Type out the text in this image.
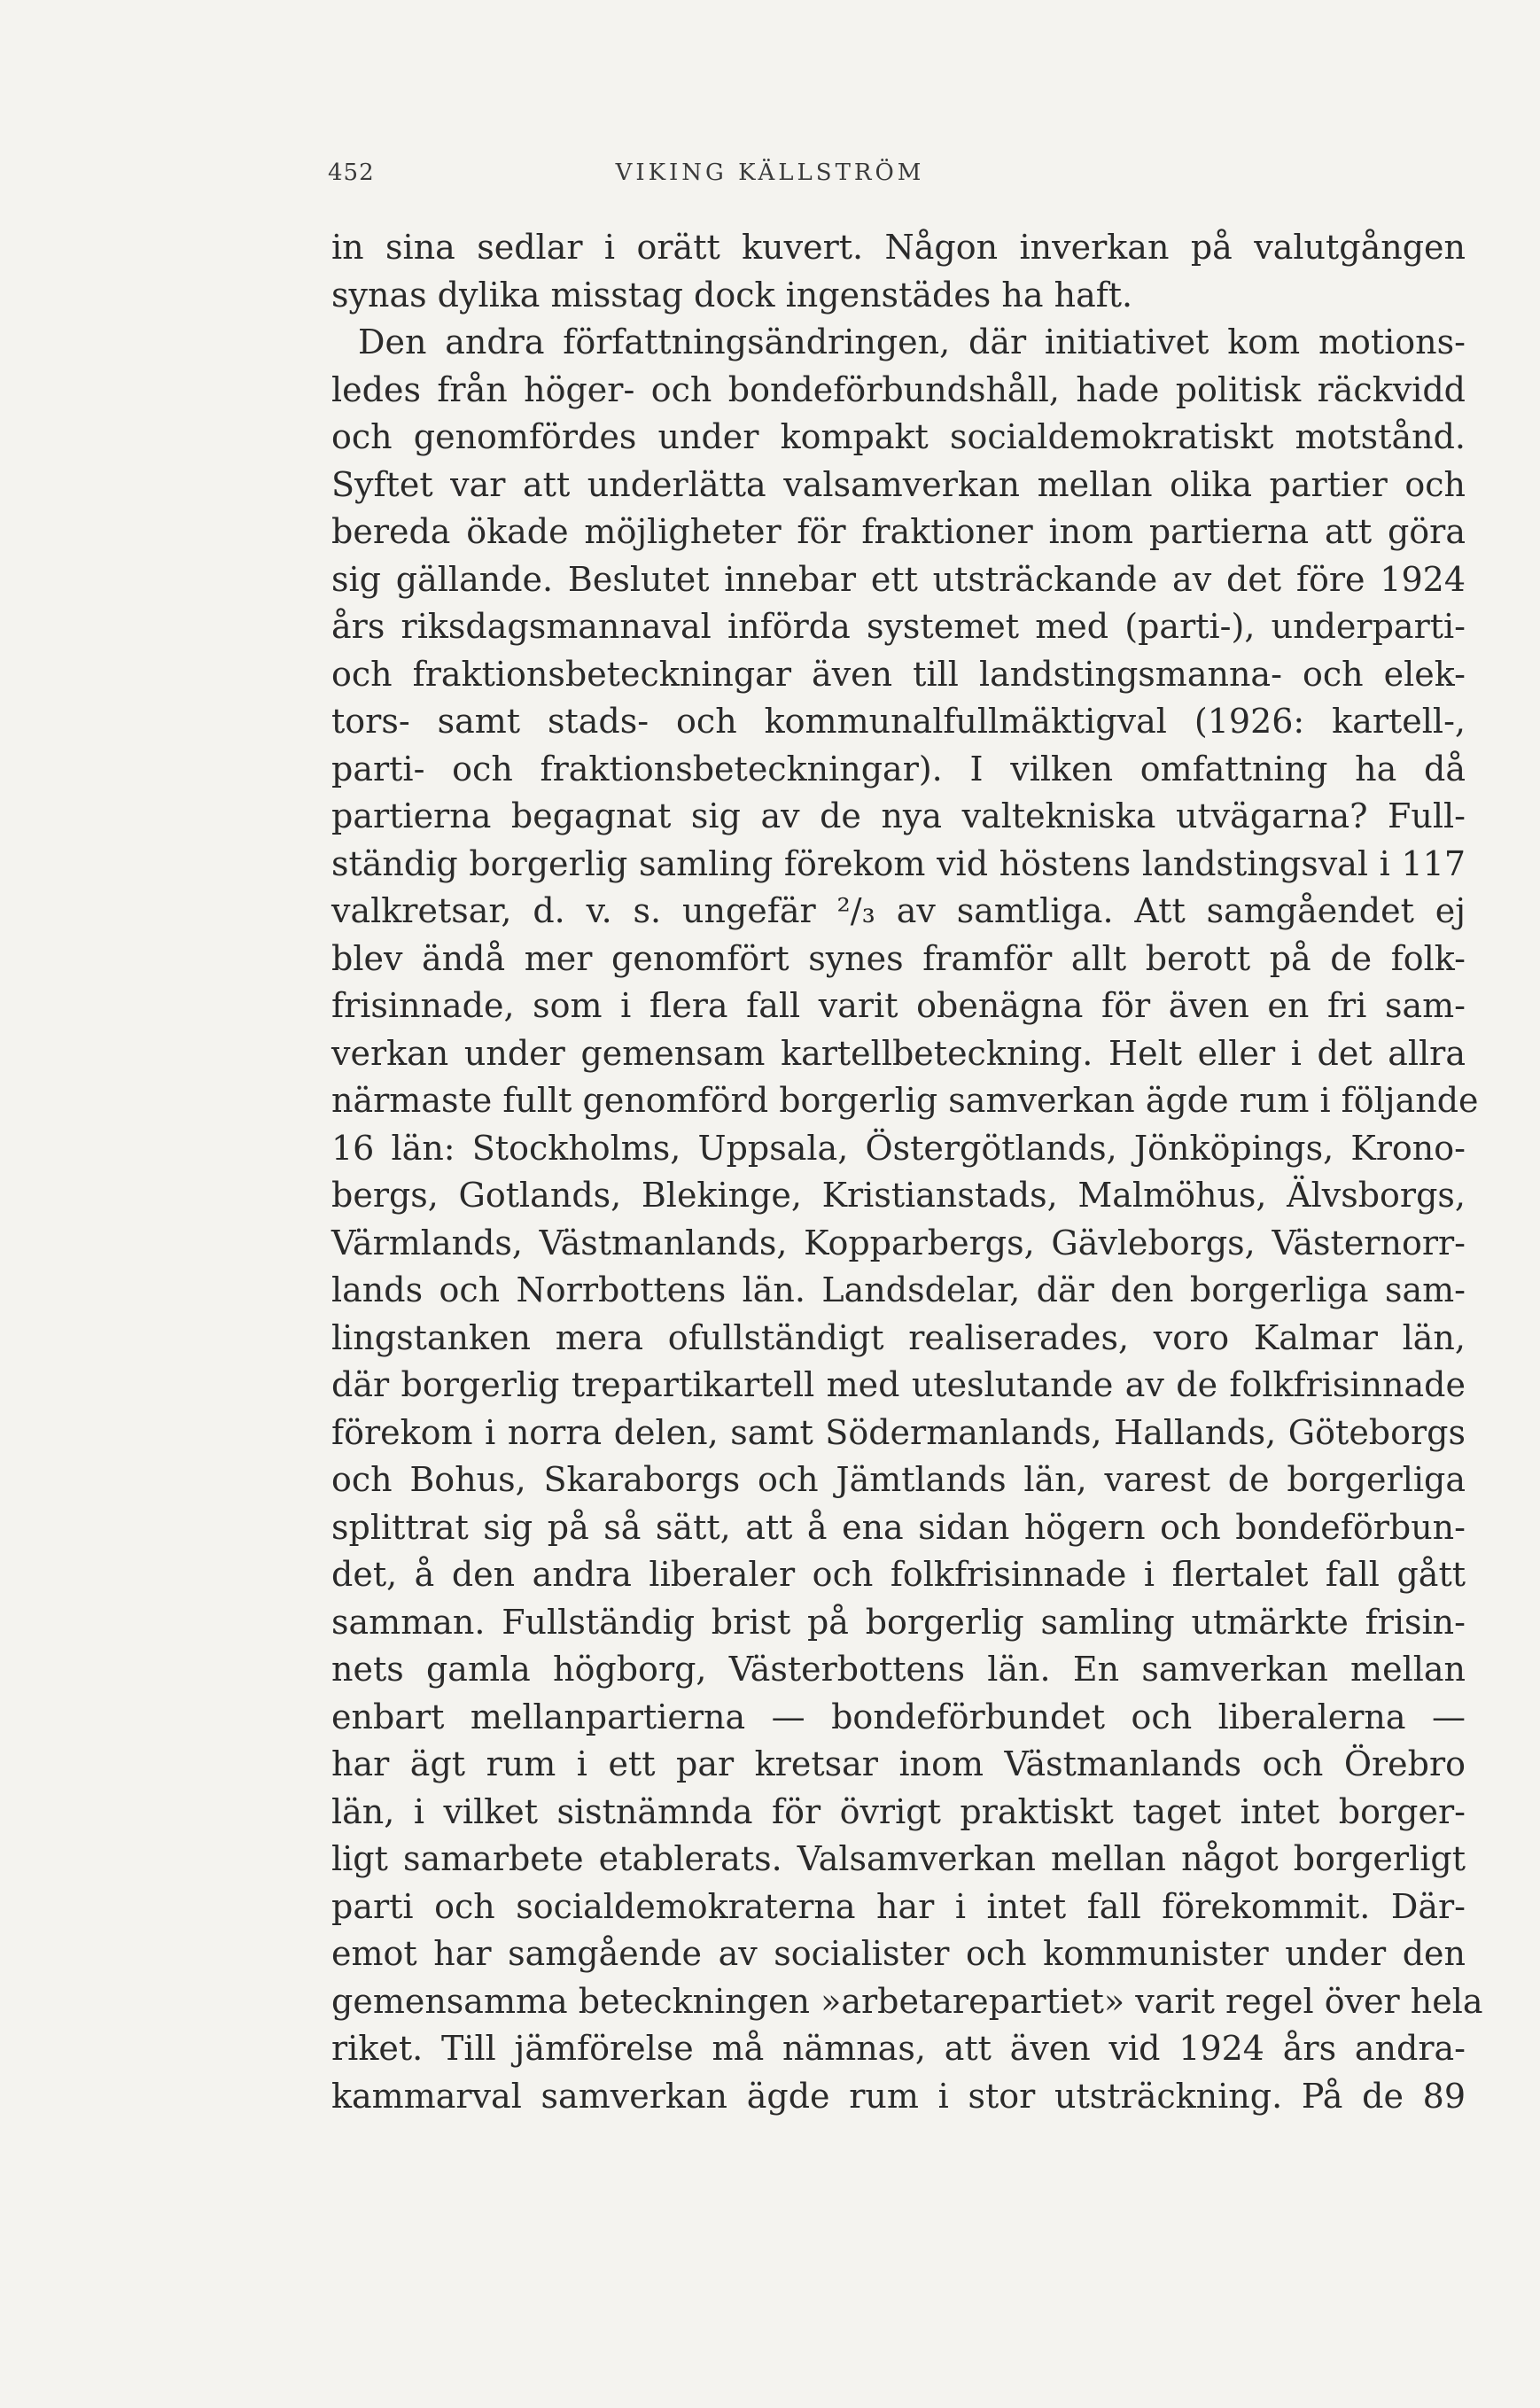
452	VIKING KÄLLSTRÖM
in sina sedlar i orätt kuvert. Någon inverkan på valutgången
synas dylika misstag dock ingenstädes ha haft.
Den andra författningsändringen, där initiativet kom motions-
ledes från höger- och bondeförbundshåll, hade politisk räckvidd
och genomfördes under kompakt socialdemokratiskt motstånd.
Syftet var att underlätta valsamverkan mellan olika partier och
bereda ökade möjligheter för fraktioner inom partierna att göra
sig gällande. Beslutet innebar ett utsträckande av det före 1924
års riksdagsmannaval införda systemet med (parti-), underparti-
och fraktionsbeteckningar även till landstingsmanna- och elek-
tors- samt stads- och kommunalfullmäktigval (1926: kartell-,
parti- och fraktionsbeteckningar). I vilken omfattning ha då
partierna begagnat sig av de nya valtekniska utvägarna? Full-
ständig borgerlig samling förekom vid höstens landstingsval i 117
valkretsar, d. v. s. ungefär ²/₃ av samtliga. Att samgåendet ej
blev ändå mer genomfört synes framför allt berott på de folk-
frisinnade, som i flera fall varit obenägna för även en fri sam-
verkan under gemensam kartellbeteckning. Helt eller i det allra
närmaste fullt genomförd borgerlig samverkan ägde rum i följande
16 län: Stockholms, Uppsala, Östergötlands, Jönköpings, Krono-
bergs, Gotlands, Blekinge, Kristianstads, Malmöhus, Älvsborgs,
Värmlands, Västmanlands, Kopparbergs, Gävleborgs, Västernorr-
lands och Norrbottens län. Landsdelar, där den borgerliga sam-
lingstanken mera ofullständigt realiserades, voro Kalmar län,
där borgerlig trepartikartell med uteslutande av de folkfrisinnade
förekom i norra delen, samt Södermanlands, Hallands, Göteborgs
och Bohus, Skaraborgs och Jämtlands län, varest de borgerliga
splittrat sig på så sätt, att å ena sidan högern och bondeförbun-
det, å den andra liberaler och folkfrisinnade i flertalet fall gått
samman. Fullständig brist på borgerlig samling utmärkte frisin-
nets gamla högborg, Västerbottens län. En samverkan mellan
enbart mellanpartierna — bondeförbundet och liberalerna —
har ägt rum i ett par kretsar inom Västmanlands och Örebro
län, i vilket sistnämnda för övrigt praktiskt taget intet borger-
ligt samarbete etablerats. Valsamverkan mellan något borgerligt
parti och socialdemokraterna har i intet fall förekommit. Där-
emot har samgående av socialister och kommunister under den
gemensamma beteckningen »arbetarepartiet» varit regel över hela
riket. Till jämförelse må nämnas, att även vid 1924 års andra-
kammarval samverkan ägde rum i stor utsträckning. På de 89
